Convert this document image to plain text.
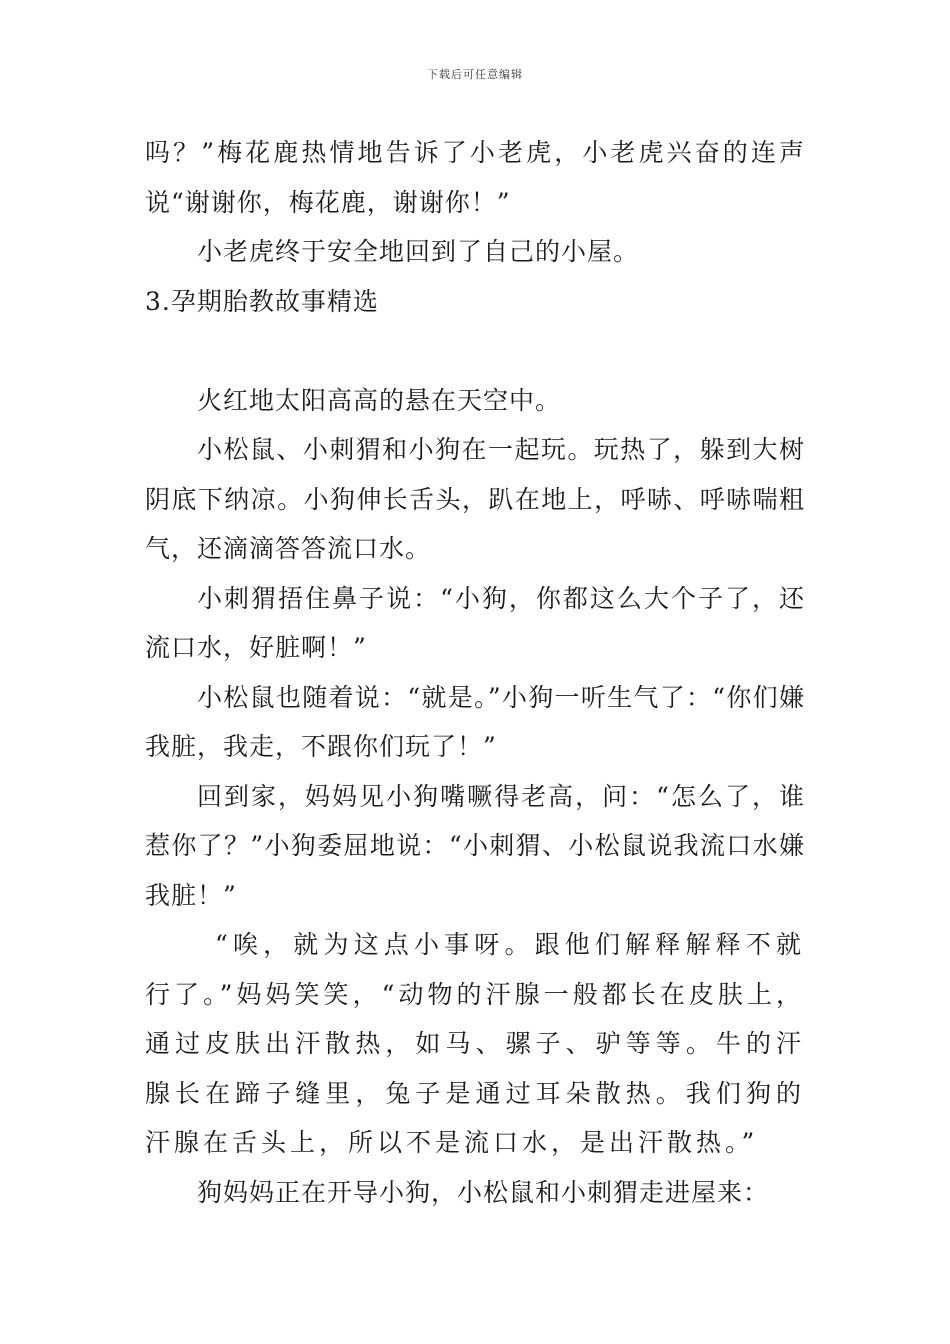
下载后可任意编辑

吗？”梅花鹿热情地告诉了小老虎，小老虎兴奋的连声说“谢谢你，梅花鹿，谢谢你！”

小老虎终于安全地回到了自己的小屋。

3.孕期胎教故事精选

火红地太阳高高的悬在天空中。

小松鼠、小刺猬和小狗在一起玩。玩热了，躲到大树阴底下纳凉。小狗伸长舌头，趴在地上，呼哧、呼哧喘粗气，还滴滴答答流口水。

小刺猬捂住鼻子说：“小狗，你都这么大个子了，还流口水，好脏啊！”

小松鼠也随着说：“就是。”小狗一听生气了：“你们嫌我脏，我走，不跟你们玩了！”

回到家，妈妈见小狗嘴噘得老高，问：“怎么了，谁惹你了？”小狗委屈地说：“小刺猬、小松鼠说我流口水嫌我脏！”

“唉，就为这点小事呀。跟他们解释解释不就行了。”妈妈笑笑，“动物的汗腺一般都长在皮肤上，通过皮肤出汗散热，如马、骡子、驴等等。牛的汗腺长在蹄子缝里，兔子是通过耳朵散热。我们狗的汗腺在舌头上，所以不是流口水，是出汗散热。”

狗妈妈正在开导小狗，小松鼠和小刺猬走进屋来：
